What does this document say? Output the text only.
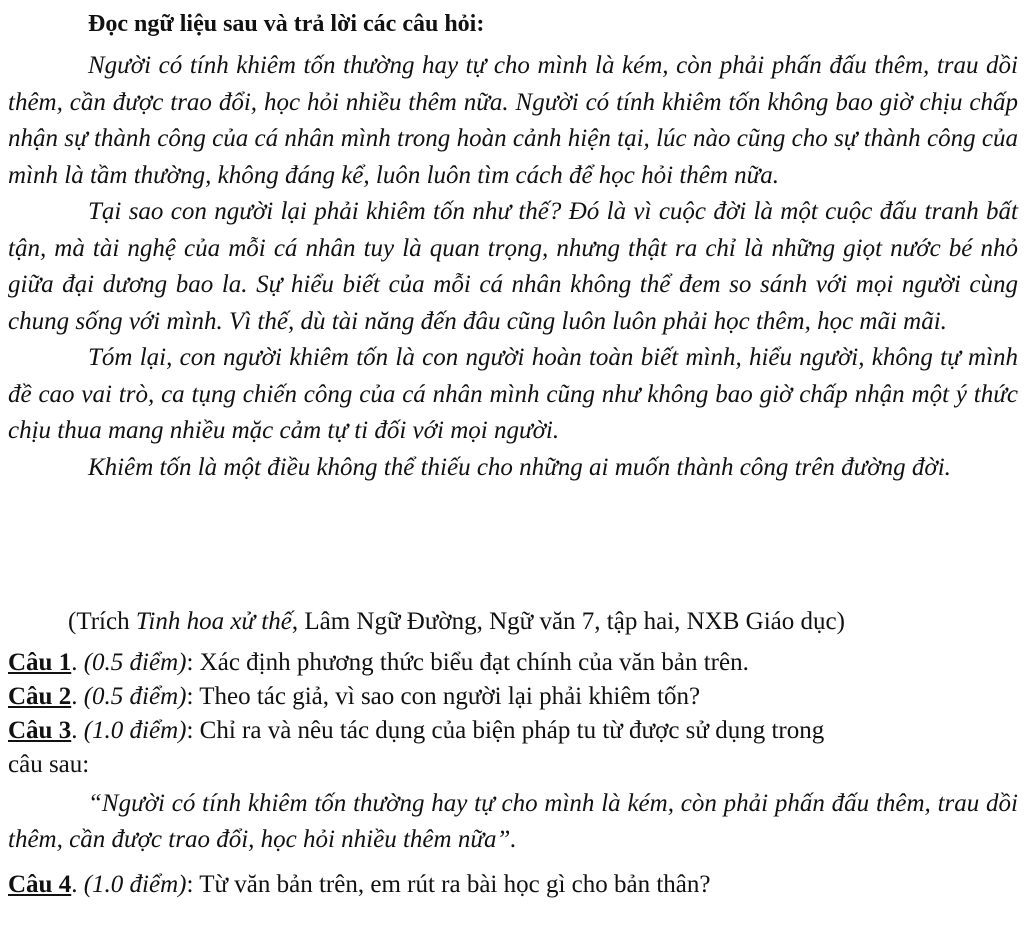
Đọc ngữ liệu sau và trả lời các câu hỏi:

Người có tính khiêm tốn thường hay tự cho mình là kém, còn phải phấn đấu thêm, trau dồi thêm, cần được trao đổi, học hỏi nhiều thêm nữa. Người có tính khiêm tốn không bao giờ chịu chấp nhận sự thành công của cá nhân mình trong hoàn cảnh hiện tại, lúc nào cũng cho sự thành công của mình là tầm thường, không đáng kể, luôn luôn tìm cách để học hỏi thêm nữa.

Tại sao con người lại phải khiêm tốn như thế? Đó là vì cuộc đời là một cuộc đấu tranh bất tận, mà tài nghệ của mỗi cá nhân tuy là quan trọng, nhưng thật ra chỉ là những giọt nước bé nhỏ giữa đại dương bao la. Sự hiểu biết của mỗi cá nhân không thể đem so sánh với mọi người cùng chung sống với mình. Vì thế, dù tài năng đến đâu cũng luôn luôn phải học thêm, học mãi mãi.

Tóm lại, con người khiêm tốn là con người hoàn toàn biết mình, hiểu người, không tự mình đề cao vai trò, ca tụng chiến công của cá nhân mình cũng như không bao giờ chấp nhận một ý thức chịu thua mang nhiều mặc cảm tự ti đối với mọi người.

Khiêm tốn là một điều không thể thiếu cho những ai muốn thành công trên đường đời.

(Trích Tinh hoa xử thế, Lâm Ngữ Đường, Ngữ văn 7, tập hai, NXB Giáo dục)

Câu 1. (0.5 điểm): Xác định phương thức biểu đạt chính của văn bản trên.

Câu 2. (0.5 điểm): Theo tác giả, vì sao con người lại phải khiêm tốn?

Câu 3. (1.0 điểm): Chỉ ra và nêu tác dụng của biện pháp tu từ được sử dụng trong

câu sau:

“Người có tính khiêm tốn thường hay tự cho mình là kém, còn phải phấn đấu thêm, trau dồi thêm, cần được trao đổi, học hỏi nhiều thêm nữa”.

Câu 4. (1.0 điểm): Từ văn bản trên, em rút ra bài học gì cho bản thân?
